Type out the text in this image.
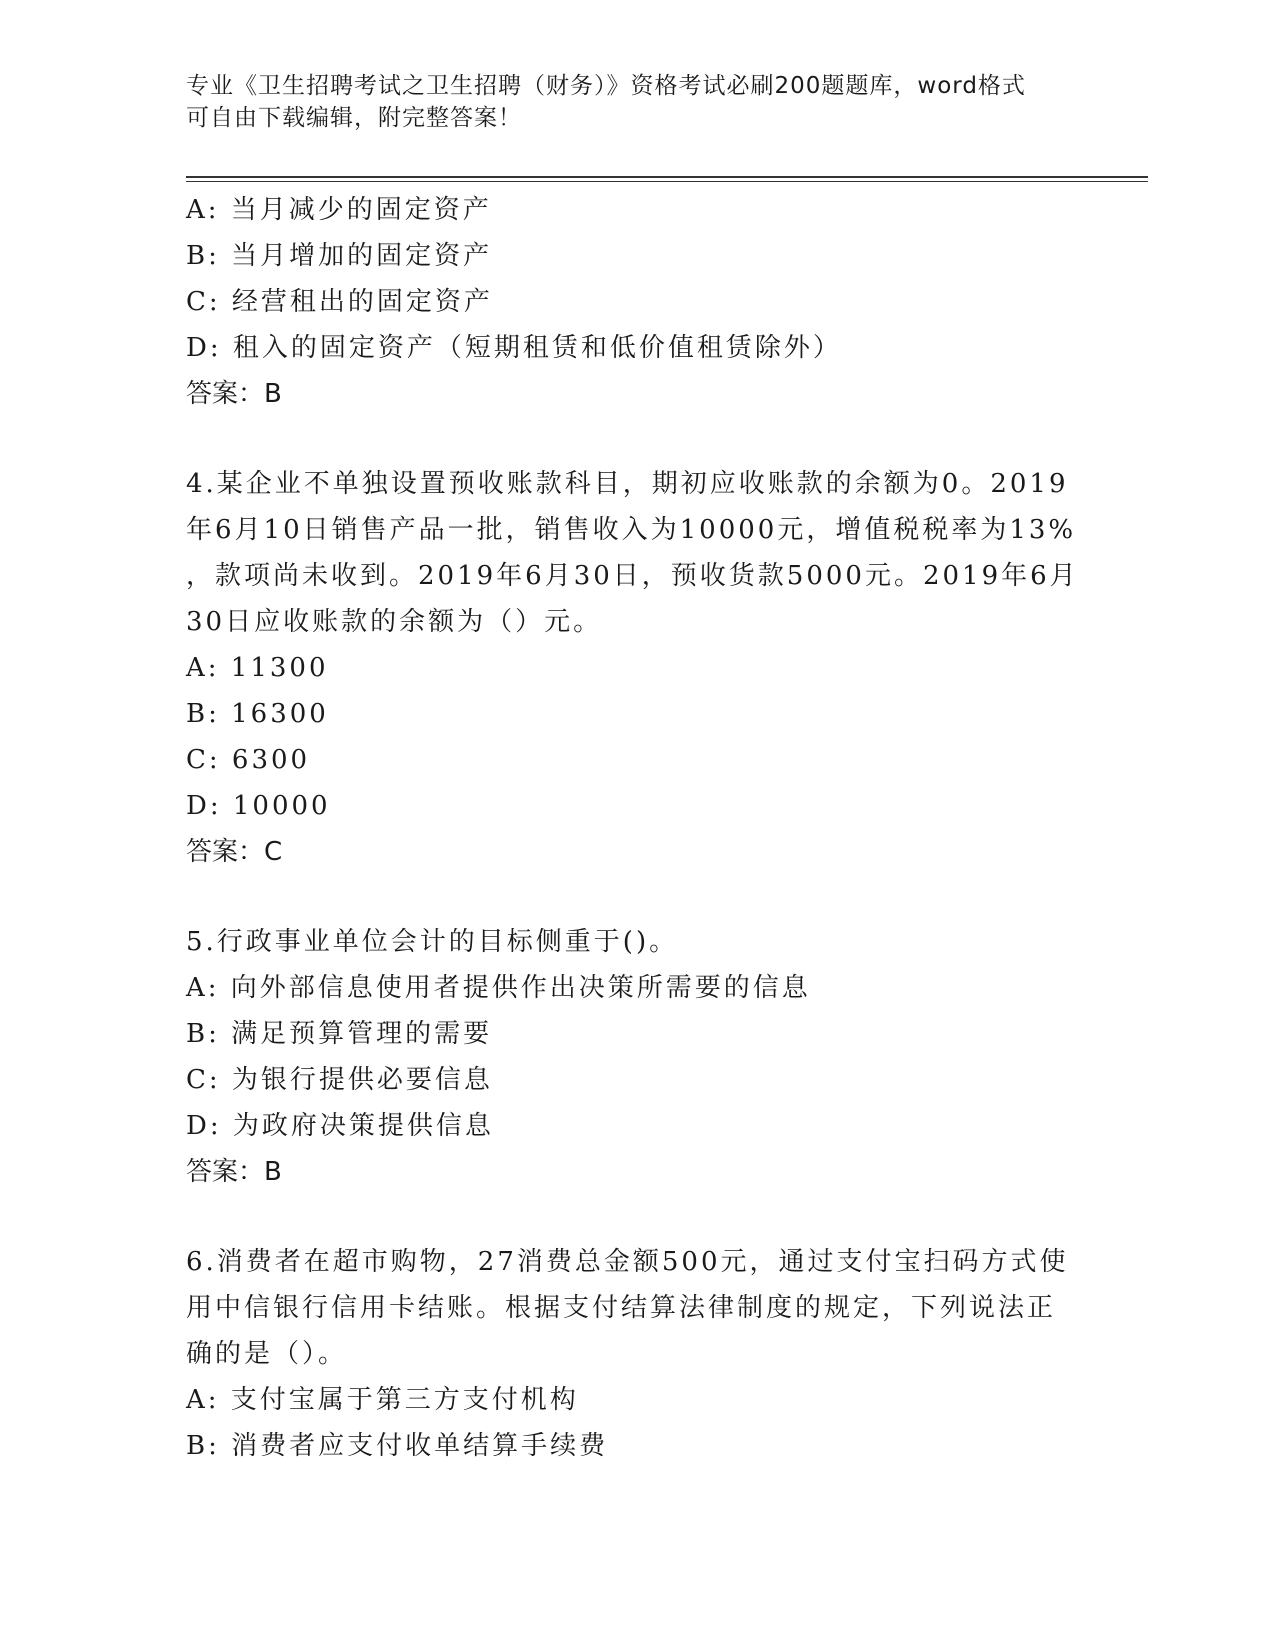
专业《卫生招聘考试之卫生招聘（财务）》资格考试必刷200题题库，word格式
可自由下载编辑，附完整答案！
A: 当月减少的固定资产
B: 当月增加的固定资产
C: 经营租出的固定资产
D: 租入的固定资产（短期租赁和低价值租赁除外）
答案：B
4.某企业不单独设置预收账款科目，期初应收账款的余额为0。2019
年6月10日销售产品一批，销售收入为10000元，增值税税率为13%
，款项尚未收到。2019年6月30日，预收货款5000元。2019年6月
30日应收账款的余额为（）元。
A: 11300
B: 16300
C: 6300
D: 10000
答案：C
5.行政事业单位会计的目标侧重于()。
A: 向外部信息使用者提供作出决策所需要的信息
B: 满足预算管理的需要
C: 为银行提供必要信息
D: 为政府决策提供信息
答案：B
6.消费者在超市购物，27消费总金额500元，通过支付宝扫码方式使
用中信银行信用卡结账。根据支付结算法律制度的规定，下列说法正
确的是（）。
A: 支付宝属于第三方支付机构
B: 消费者应支付收单结算手续费
